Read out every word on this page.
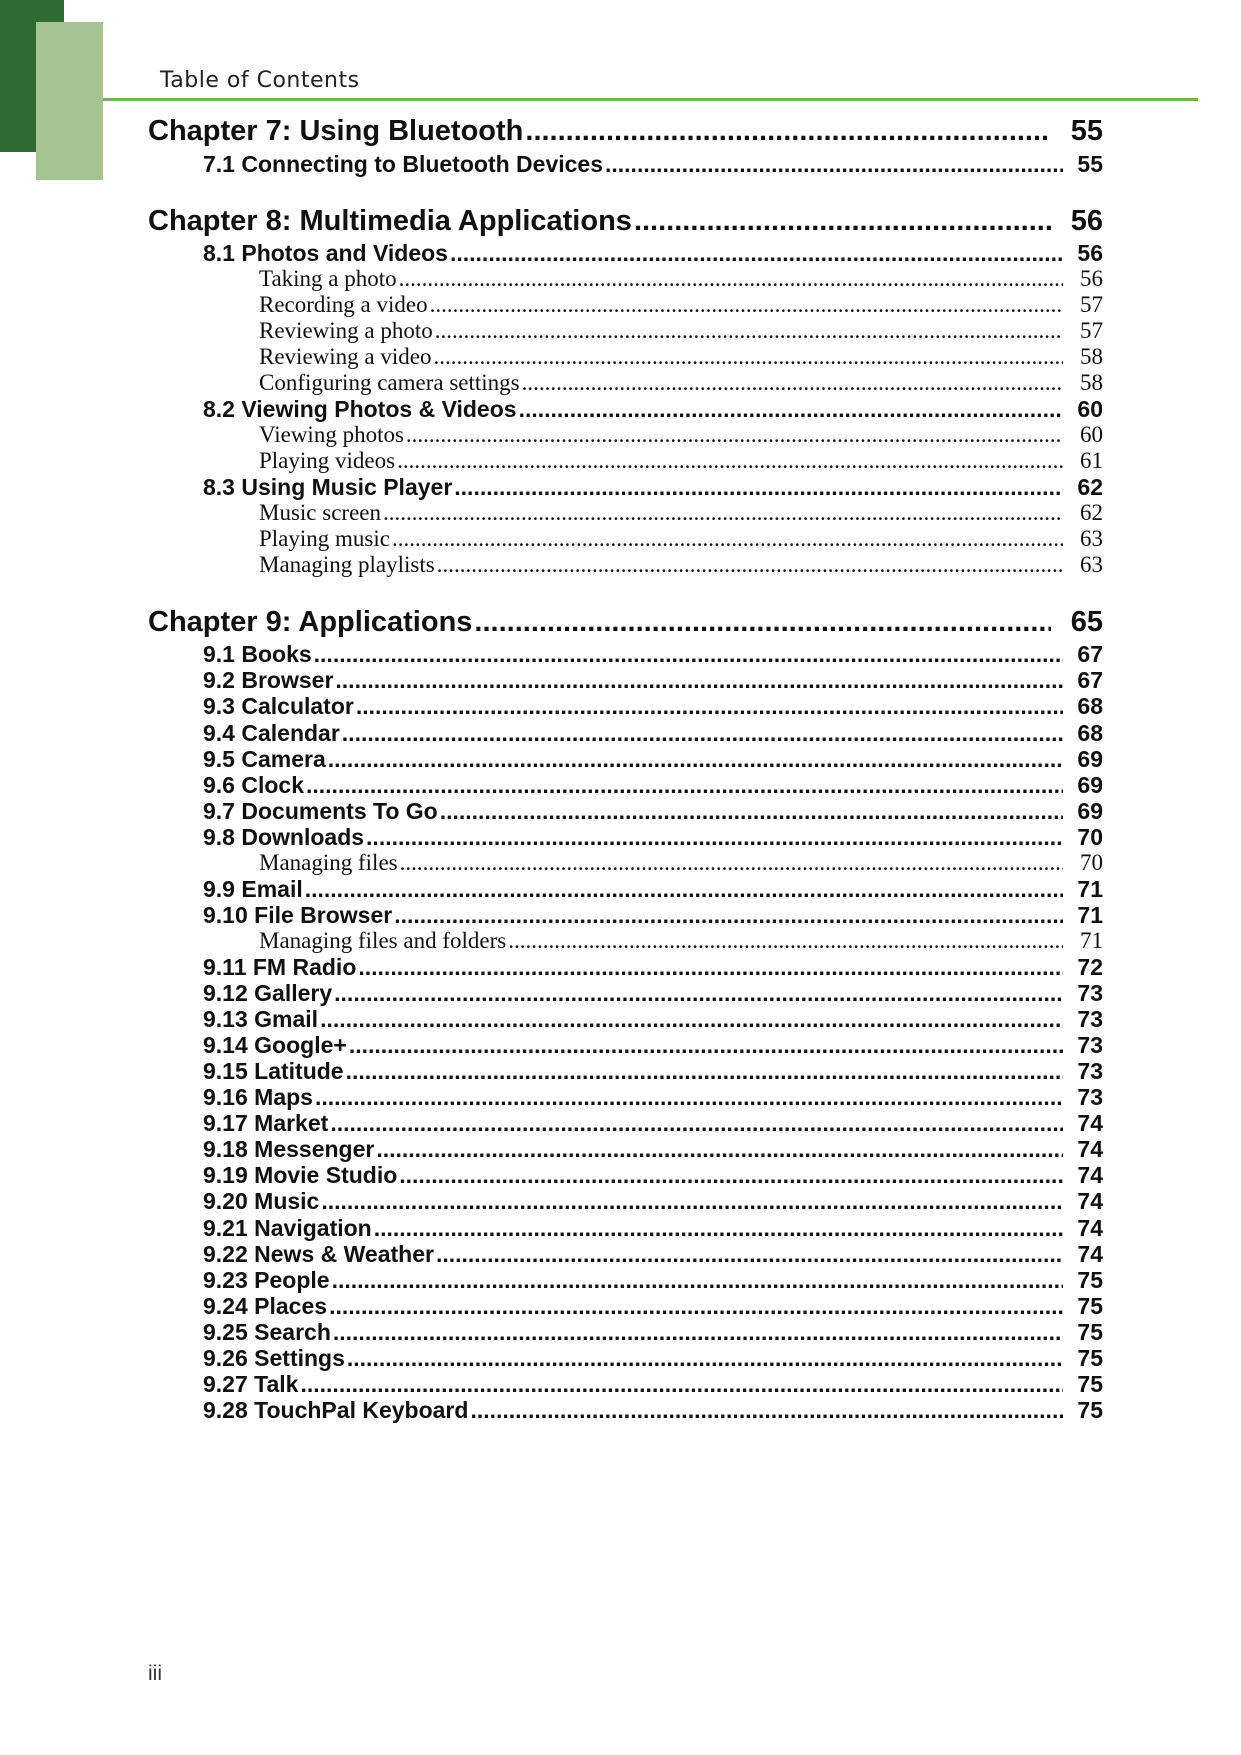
Table of Contents
Chapter 7: Using Bluetooth .....	55
7.1 Connecting to Bluetooth Devices .....	55
Chapter 8: Multimedia Applications .....	56
8.1 Photos and Videos .....	56
Taking a photo .....	56
Recording a video .....	57
Reviewing a photo .....	57
Reviewing a video .....	58
Configuring camera settings .....	58
8.2 Viewing Photos & Videos .....	60
Viewing photos .....	60
Playing videos .....	61
8.3 Using Music Player .....	62
Music screen .....	62
Playing music .....	63
Managing playlists .....	63
Chapter 9: Applications .....	65
9.1 Books .....	67
9.2 Browser .....	67
9.3 Calculator .....	68
9.4 Calendar .....	68
9.5 Camera .....	69
9.6 Clock .....	69
9.7 Documents To Go .....	69
9.8 Downloads .....	70
Managing files .....	70
9.9 Email .....	71
9.10 File Browser .....	71
Managing files and folders .....	71
9.11 FM Radio .....	72
9.12 Gallery .....	73
9.13 Gmail .....	73
9.14 Google+ .....	73
9.15 Latitude .....	73
9.16 Maps .....	73
9.17 Market .....	74
9.18 Messenger .....	74
9.19 Movie Studio .....	74
9.20 Music .....	74
9.21 Navigation .....	74
9.22 News & Weather .....	74
9.23 People .....	75
9.24 Places .....	75
9.25 Search .....	75
9.26 Settings .....	75
9.27 Talk .....	75
9.28 TouchPal Keyboard .....	75
iii
